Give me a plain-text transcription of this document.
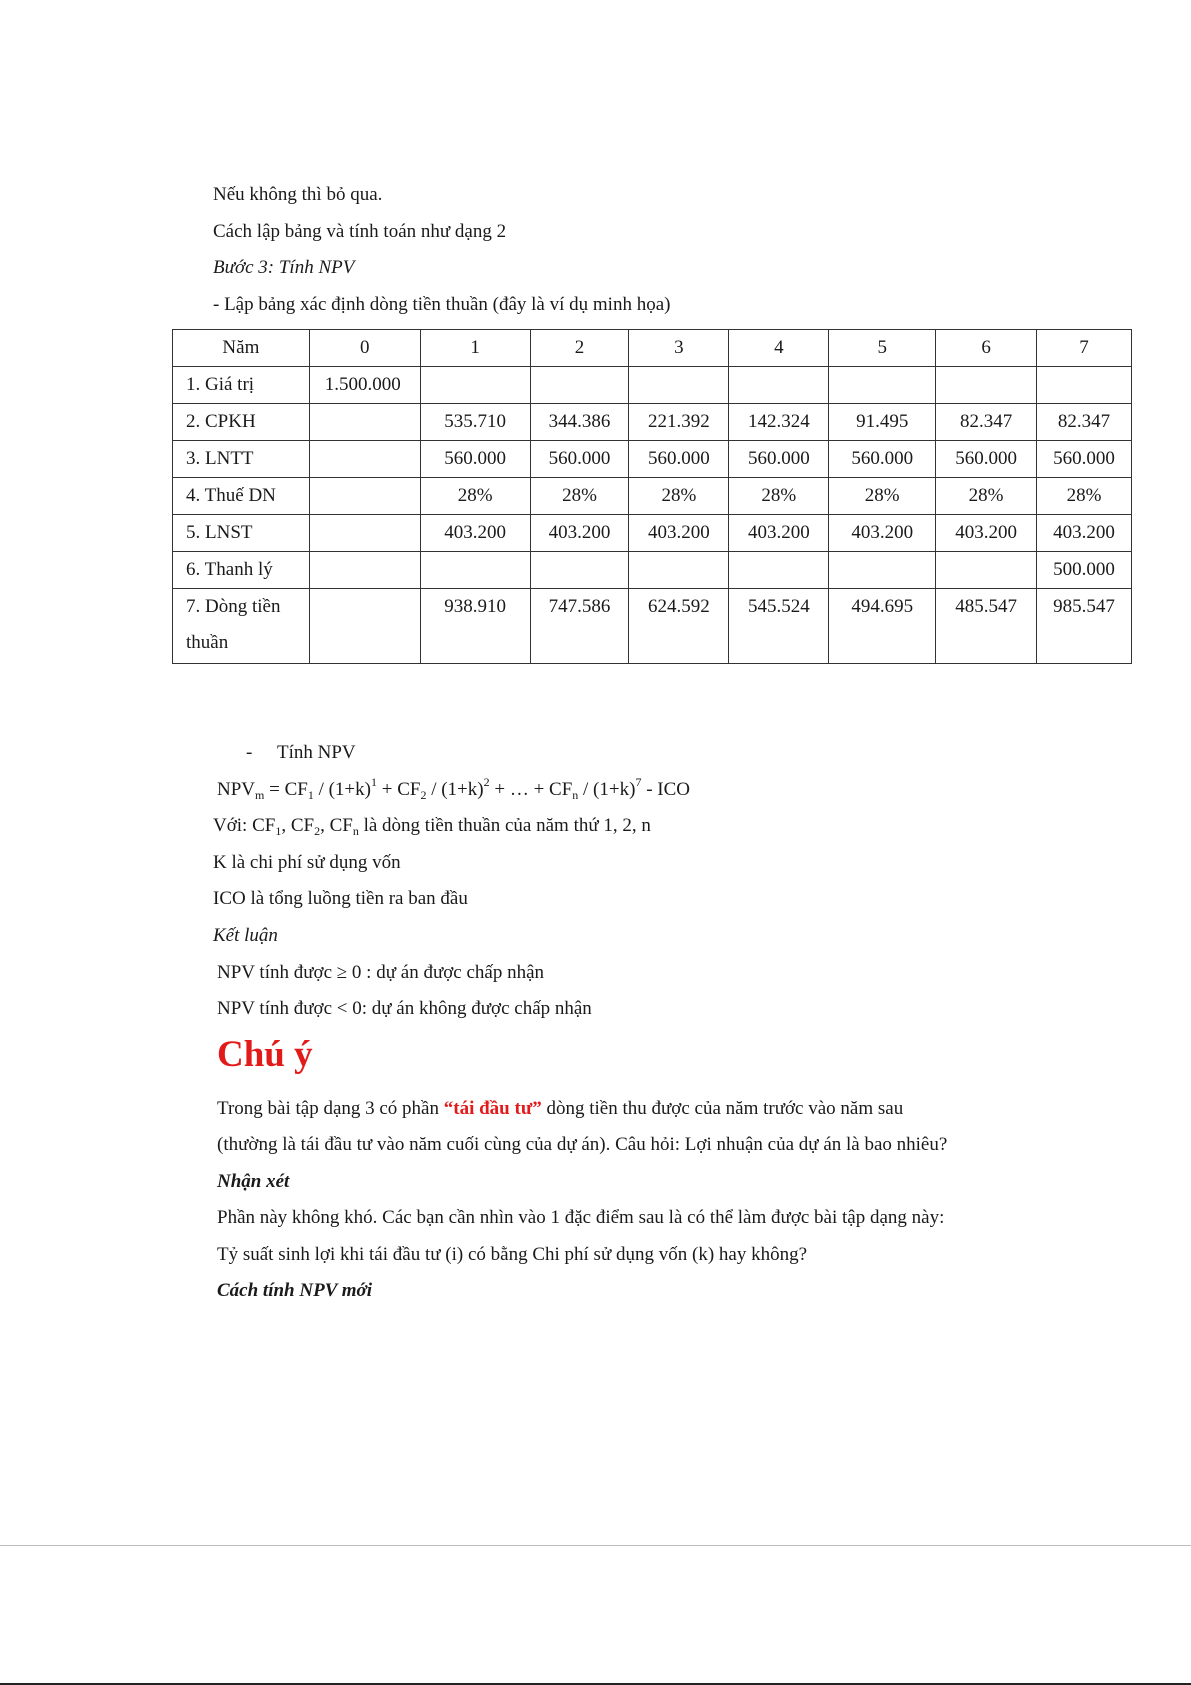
Nếu không thì bỏ qua.
Cách lập bảng và tính toán như dạng 2
Bước 3: Tính NPV
- Lập bảng xác định dòng tiền thuần (đây là ví dụ minh họa)
Năm	0	1	2	3	4	5	6	7
1. Giá trị	1.500.000							
2. CPKH		535.710	344.386	221.392	142.324	91.495	82.347	82.347
3. LNTT		560.000	560.000	560.000	560.000	560.000	560.000	560.000
4. Thuế DN		28%	28%	28%	28%	28%	28%	28%
5. LNST		403.200	403.200	403.200	403.200	403.200	403.200	403.200
6. Thanh lý								500.000

7. Dòng tiền
thuần		938.910	747.586	624.592	545.524	494.695	485.547	985.547
- Tính NPV
$NPV_m = CF_1 / (1+k)^1 + CF_2 / (1+k)^2$ + … + $CF_n / (1+k)^7$ - ICO
Với: $CF_1$, $CF_2$, $CF_n$ là dòng tiền thuần của năm thứ 1, 2, n
K là chi phí sử dụng vốn
ICO là tổng luồng tiền ra ban đầu
Kết luận
NPV tính được ≥ 0 : dự án được chấp nhận
NPV tính được < 0: dự án không được chấp nhận
Chú ý
Trong bài tập dạng 3 có phần “tái đầu tư” dòng tiền thu được của năm trước vào năm sau
(thường là tái đầu tư vào năm cuối cùng của dự án). Câu hỏi: Lợi nhuận của dự án là bao nhiêu?
Nhận xét
Phần này không khó. Các bạn cần nhìn vào 1 đặc điểm sau là có thể làm được bài tập dạng này:
Tỷ suất sinh lợi khi tái đầu tư (i) có bằng Chi phí sử dụng vốn (k) hay không?
Cách tính NPV mới
